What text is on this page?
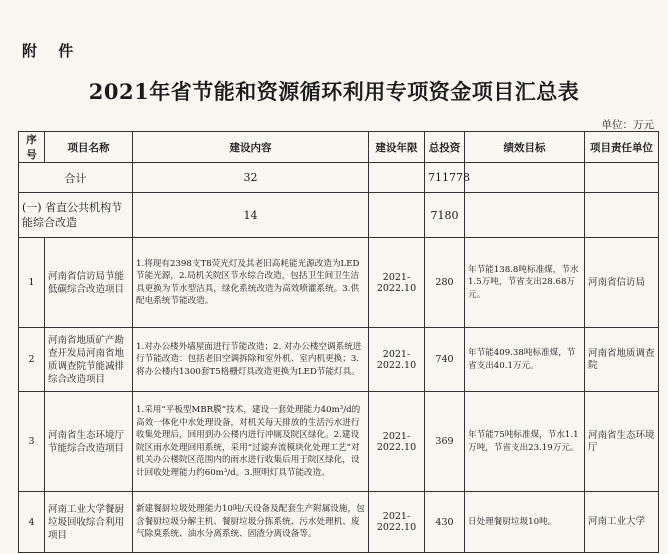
附 件
2021年省节能和资源循环利用专项资金项目汇总表
单位：万元
序号	项目名称	建设内容	建设年限	总投资	绩效目标	项目责任单位
合计		32		711778		
(一) 省直公共机构节能综合改造		14		7180		
1	河南省信访局节能低碳综合改造项目	1.将现有2398支T8荧光灯及其老旧高耗能光源改造为LED节能光源，2.局机关院区节水综合改造，包括卫生间卫生洁具更换为节水型洁具，绿化系统改造为高效喷灌系统。3.供配电系统节能改造。	2021-2022.10	280	年节能138.8吨标准煤，节水1.5万吨，节省支出28.68万元。	河南省信访局
2	河南省地质矿产勘查开发局河南省地质调查院节能减排综合改造项目	1.对办公楼外墙屋面进行节能改造；2. 对办公楼空调系统进行节能改造：包括老旧空调拆除和室外机、室内机更换；3. 将办公楼内1300套T5格栅灯具改造更换为LED节能灯具。	2021-2022.10	740	年节能409.38吨标准煤，节省支出40.1万元。	河南省地质调查院
3	河南省生态环境厅节能综合改造项目	1.采用“平板型MBR膜”技术，建设一套处理能力40m³/d的高效一体化中水处理设备，对机关每天排放的生活污水进行收集处理后，回用到办公楼内进行冲厕及院区绿化。2.建设院区雨水处理回用系统，采用“过滤弃流模块化处理工艺”对机关办公楼院区范围内的雨水进行收集后用于院区绿化，设计回收处理能力约60m³/d。3.照明灯具节能改造。	2021-2022.10	369	年节能75吨标准煤，节水1.1万吨，节省支出23.19万元。	河南省生态环境厅
4	河南工业大学餐厨垃圾回收综合利用项目	新建餐厨垃圾处理能力10吨/天设备及配套生产附属设施，包含餐厨垃圾分解主机、餐厨垃圾分拣系统、污水处理机、废气除臭系统、油水分离系统、固渣分离设备等。	2021-2022.10	430	日处理餐厨垃圾10吨。	河南工业大学
